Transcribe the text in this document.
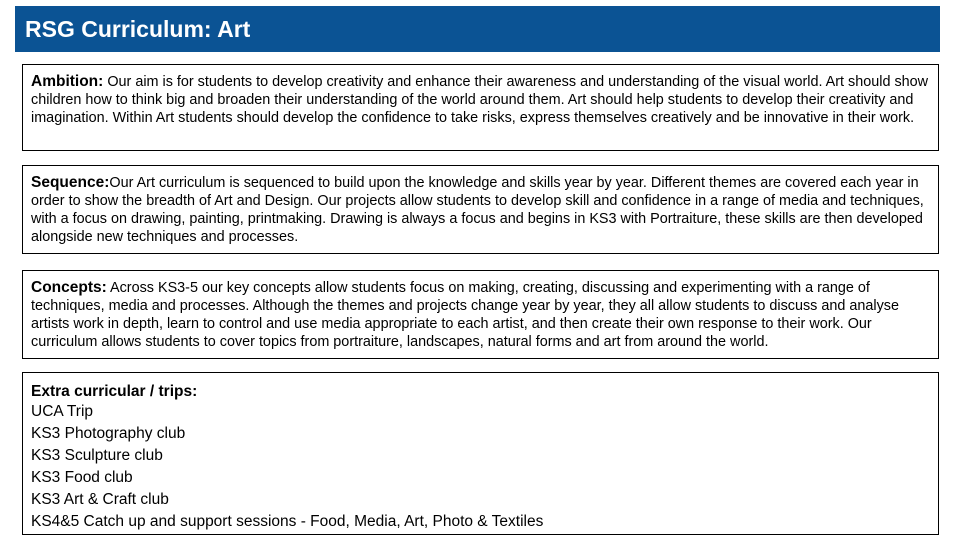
RSG Curriculum: Art

Ambition: Our aim is for students to develop creativity and enhance their awareness and understanding of the visual world. Art should show children how to think big and broaden their understanding of the world around them. Art should help students to develop their creativity and imagination. Within Art students should develop the confidence to take risks, express themselves creatively and be innovative in their work.

Sequence:Our Art curriculum is sequenced to build upon the knowledge and skills year by year. Different themes are covered each year in order to show the breadth of Art and Design. Our projects allow students to develop skill and confidence in a range of media and techniques, with a focus on drawing, painting, printmaking. Drawing is always a focus and begins in KS3 with Portraiture, these skills are then developed alongside new techniques and processes.

Concepts: Across KS3-5 our key concepts allow students focus on making, creating, discussing and experimenting with a range of techniques, media and processes. Although the themes and projects change year by year, they all allow students to discuss and analyse artists work in depth, learn to control and use media appropriate to each artist, and then create their own response to their work. Our curriculum allows students to cover topics from portraiture, landscapes, natural forms and art from around the world.

Extra curricular / trips:

UCA Trip
KS3 Photography club
KS3 Sculpture club
KS3 Food club
KS3 Art & Craft club
KS4&5 Catch up and support sessions - Food, Media, Art, Photo & Textiles
